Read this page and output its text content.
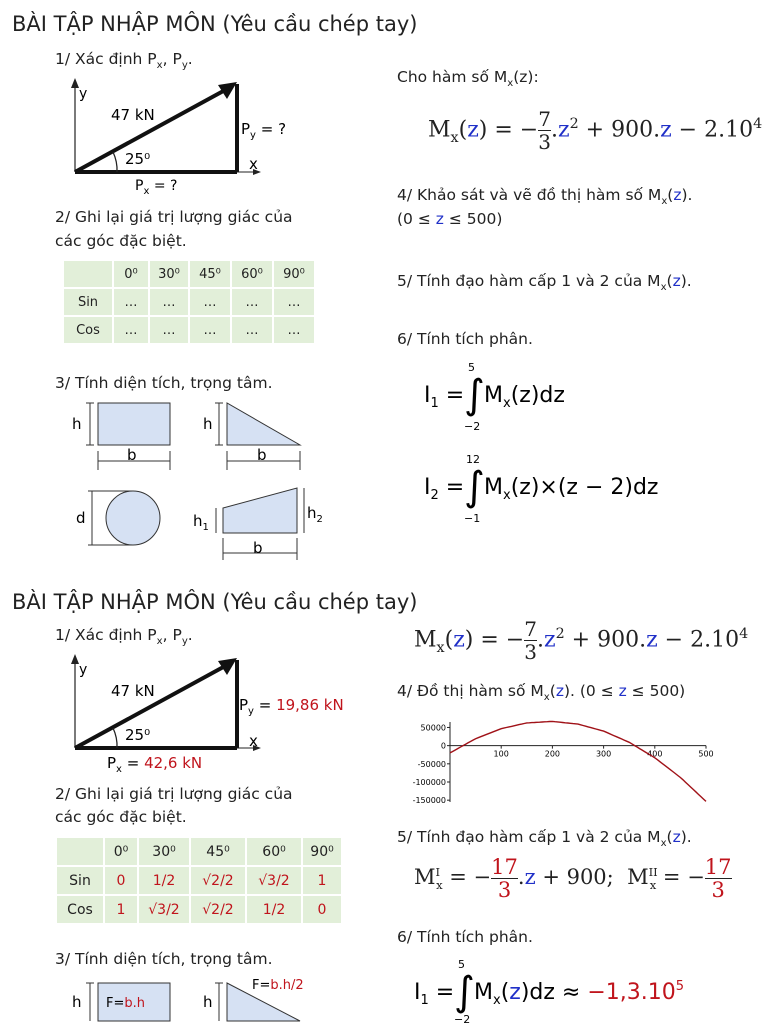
BÀI TẬP NHẬP MÔN (Yêu cầu chép tay)
1/ Xác định $P_x$, $P_y$.
y
47 kN
25⁰
$P_y$ = ?
x
$P_x$ = ?
2/ Ghi lại giá trị lượng giác của
các góc đặc biệt.
	0⁰	30⁰	45⁰	60⁰	90⁰
Sin	…	…	…	…	…
Cos	…	…	…	…	…
3/ Tính diện tích, trọng tâm.
h
b
h
b
d	$h_1$
$h_2$
b
Cho hàm số $M_x(z)$:
$M_x(z)$ = − $\frac{7}{3} .z^2 + 900.z - 2.10^4$
4/ Khảo sát và vẽ đồ thị hàm số $M_x(z)$.
(0 ≤ z ≤ 500)
5/ Tính đạo hàm cấp 1 và 2 của $M_x(z)$.
6/ Tính tích phân.
$I_1$ = ∫
5
−2
$M_x(z)dz$
$I_2$ = ∫
12
−1
$M_x(z)\times(z - 2)dz$
BÀI TẬP NHẬP MÔN (Yêu cầu chép tay)
1/ Xác định $P_x$, $P_y$.
y
47 kN
25⁰
$P_y = 19,86$ kN
x
$P_x = 42,6$ kN
$M_x(z)$ = − $\frac{7}{3} .z^2 + 900.z - 2.10^4$
4/ Đồ thị hàm số $M_x(z)$. (0 ≤ z ≤ 500)
100	200	300	400	500
50000
0
-50000
-100000
-150000
2/ Ghi lại giá trị lượng giác của
các góc đặc biệt.
	0⁰	30⁰	45⁰	60⁰	90⁰
Sin	0	1/2	√2/2	√3/2	1
Cos	1	√3/2	√2/2	1/2	0
5/ Tính đạo hàm cấp 1 và 2 của $M_x(z)$.
$M^I_x$ = − $\frac{17}{3} .z + 900$;  $M^{II}_x$ = − $\frac{17}{3}$
6/ Tính tích phân.
3/ Tính diện tích, trọng tâm.
h F=b.h	h
F=b.h/2	$I_1$ = ∫
5
−2
$M_x(z)dz \approx -1,3.10^5$
